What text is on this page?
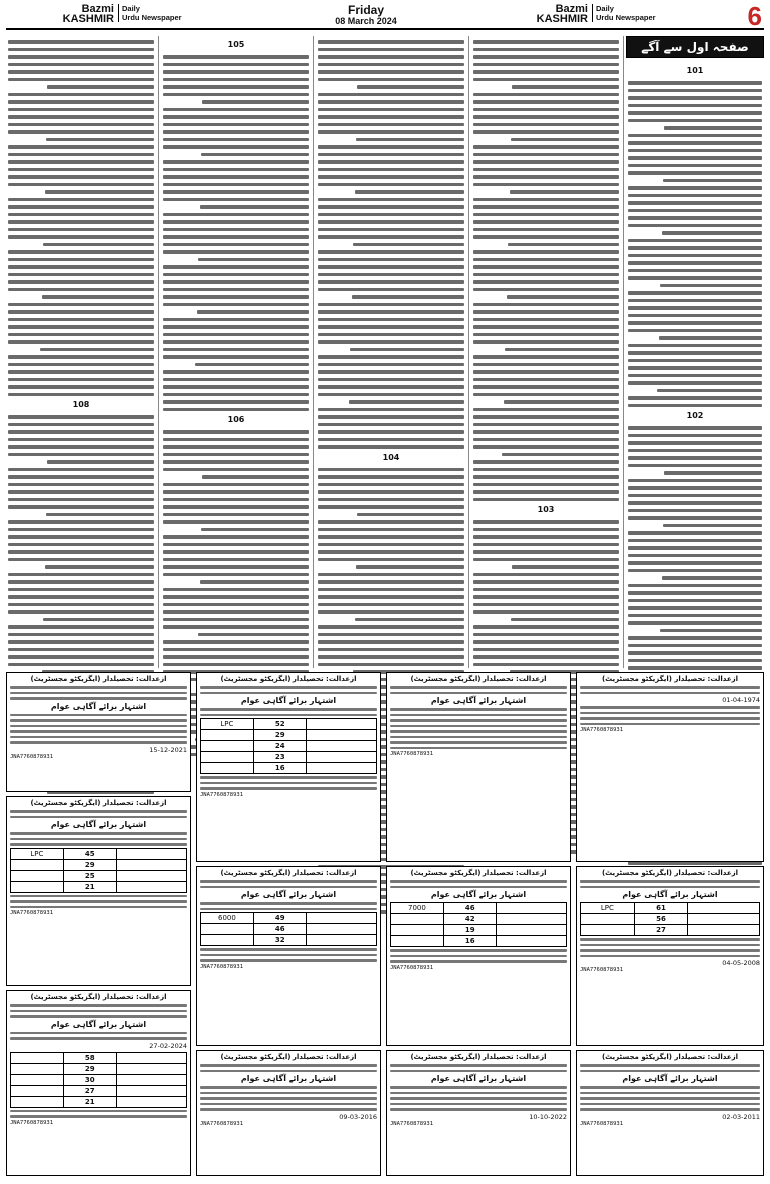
Bazmi KASHMIR
Daily
Urdu Newspaper
Friday
08 March 2024
Bazmi KASHMIR
Daily
Urdu Newspaper	6
108
105
106
104
103
صفحہ اول سے آگے
101
102
ازعدالت: تحصیلدار (ایگزیکٹو مجسٹریٹ)
اشتہار برائے آگاہی عوام
15-12-2021
JNA7760878931
ازعدالت: تحصیلدار (ایگزیکٹو مجسٹریٹ)
اشتہار برائے آگاہی عوام
LPC	45	
	29	
	25	
	21	
JNA7760878931
ازعدالت: تحصیلدار (ایگزیکٹو مجسٹریٹ)
اشتہار برائے آگاہی عوام
27-02-2024
	58	
	29	
	30	
	27	
	21	
JNA7760878931
ازعدالت: تحصیلدار (ایگزیکٹو مجسٹریٹ)
اشتہار برائے آگاہی عوام
LPC	52	
	29	
	24	
	23	
	16	
JNA7760878931
ازعدالت: تحصیلدار (ایگزیکٹو مجسٹریٹ)
اشتہار برائے آگاہی عوام
6000	49	
	46	
	32	
JNA7760878931
ازعدالت: تحصیلدار (ایگزیکٹو مجسٹریٹ)
اشتہار برائے آگاہی عوام
09-03-2016
JNA7760878931
ازعدالت: تحصیلدار (ایگزیکٹو مجسٹریٹ)
اشتہار برائے آگاہی عوام
JNA7760878931
ازعدالت: تحصیلدار (ایگزیکٹو مجسٹریٹ)
اشتہار برائے آگاہی عوام
7000	46	
	42	
	19	
	16	
JNA7760878931
ازعدالت: تحصیلدار (ایگزیکٹو مجسٹریٹ)
اشتہار برائے آگاہی عوام
10-10-2022
JNA7760878931
ازعدالت: تحصیلدار (ایگزیکٹو مجسٹریٹ)
01-04-1974
JNA7760878931
ازعدالت: تحصیلدار (ایگزیکٹو مجسٹریٹ)
اشتہار برائے آگاہی عوام
LPC	61	
	56	
	27	
04-05-2008
JNA7760878931
ازعدالت: تحصیلدار (ایگزیکٹو مجسٹریٹ)
اشتہار برائے آگاہی عوام
02-03-2011
JNA7760878931
